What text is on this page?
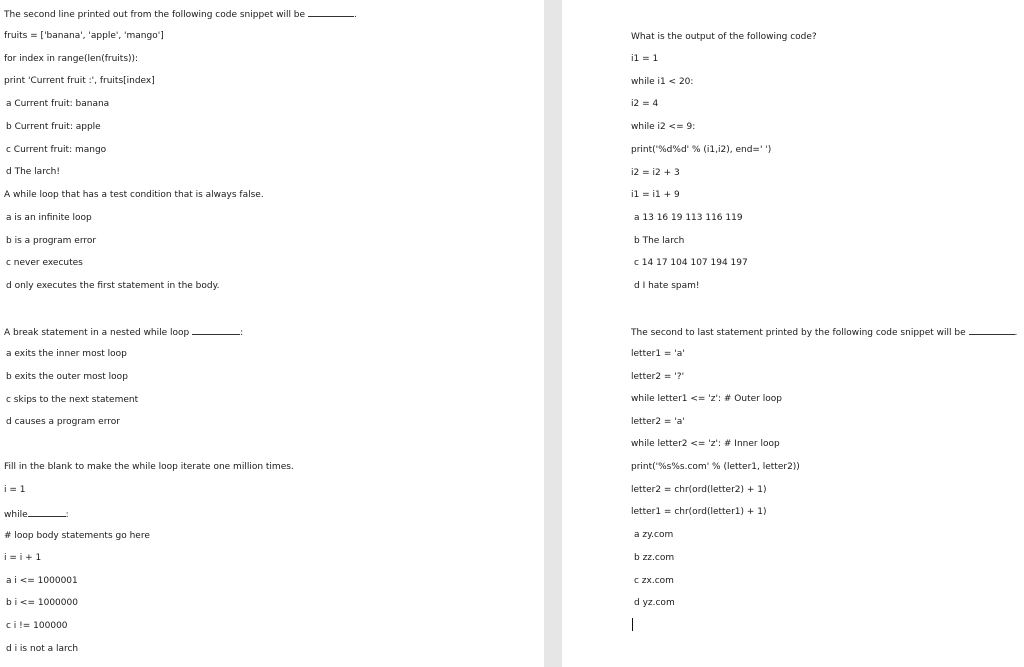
The second line printed out from the following code snippet will be	.
fruits = ['banana', 'apple', 'mango']
for index in range(len(fruits)):
print 'Current fruit :', fruits[index]
a Current fruit: banana
b Current fruit: apple
c Current fruit: mango
d The larch!
A while loop that has a test condition that is always false.
a is an infinite loop
b is a program error
c never executes
d only executes the first statement in the body.
A break statement in a nested while loop	:
a exits the inner most loop
b exits the outer most loop
c skips to the next statement
d causes a program error
Fill in the blank to make the while loop iterate one million times.
i = 1
while	:
# loop body statements go here
i = i + 1
a i <= 1000001
b i <= 1000000
c i != 100000
d i is not a larch
What is the output of the following code?
i1 = 1
while i1 < 20:
i2 = 4
while i2 <= 9:
print('%d%d' % (i1,i2), end=' ')
i2 = i2 + 3
i1 = i1 + 9
a 13 16 19 113 116 119
b The larch
c 14 17 104 107 194 197
d I hate spam!
The second to last statement printed by the following code snippet will be	.
letter1 = 'a'
letter2 = '?'
while letter1 <= 'z': # Outer loop
letter2 = 'a'
while letter2 <= 'z': # Inner loop
print('%s%s.com' % (letter1, letter2))
letter2 = chr(ord(letter2) + 1)
letter1 = chr(ord(letter1) + 1)
a zy.com
b zz.com
c zx.com
d yz.com
